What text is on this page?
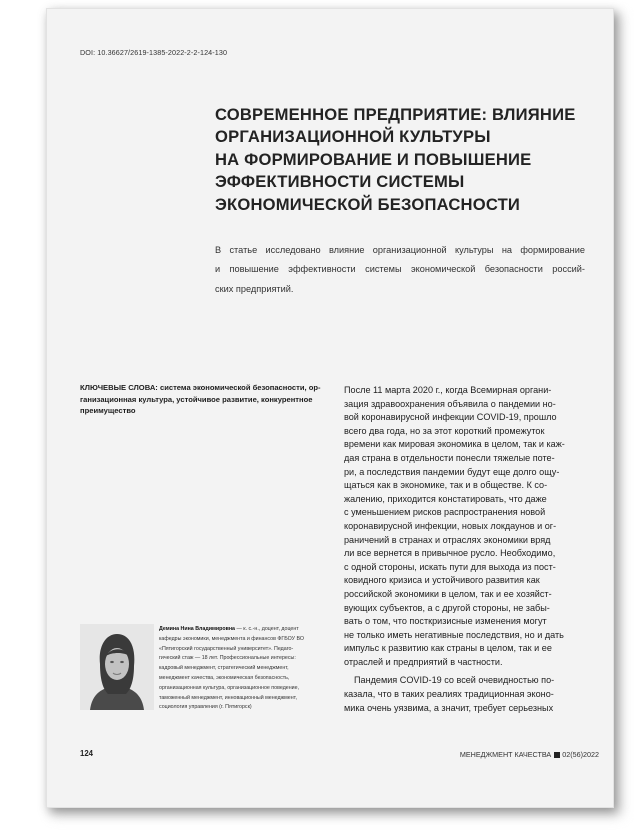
DOI: 10.36627/2619-1385-2022-2-2-124-130
СОВРЕМЕННОЕ ПРЕДПРИЯТИЕ: ВЛИЯНИЕ
ОРГАНИЗАЦИОННОЙ КУЛЬТУРЫ
НА ФОРМИРОВАНИЕ И ПОВЫШЕНИЕ
ЭФФЕКТИВНОСТИ СИСТЕМЫ
ЭКОНОМИЧЕСКОЙ БЕЗОПАСНОСТИ
В статье исследовано влияние организационной культуры на формирование
и повышение эффективности системы экономической безопасности россий-
ских предприятий.
КЛЮЧЕВЫЕ СЛОВА: система экономической безопасности, ор-
ганизационная культура, устойчивое развитие, конкурентное
преимущество
Демина Нина Владимировна — к. с.-н., доцент, доцент
кафедры экономики, менеджмента и финансов ФГБОУ ВО
«Пятигорский государственный университет». Педаго-
гический стаж — 18 лет. Профессиональные интересы:
кадровый менеджмент, стратегический менеджмент,
менеджмент качества, экономическая безопасность,
организационная культура, организационное поведение,
таможенный менеджмент, инновационный менеджмент,
социология управления (г. Пятигорск)
После 11 марта 2020 г., когда Всемирная органи-
зация здравоохранения объявила о пандемии но-
вой коронавирусной инфекции COVID-19, прошло
всего два года, но за этот короткий промежуток
времени как мировая экономика в целом, так и каж-
дая страна в отдельности понесли тяжелые поте-
ри, а последствия пандемии будут еще долго ощу-
щаться как в экономике, так и в обществе. К со-
жалению, приходится констатировать, что даже
с уменьшением рисков распространения новой
коронавирусной инфекции, новых локдаунов и ог-
раничений в странах и отраслях экономики вряд
ли все вернется в привычное русло. Необходимо,
с одной стороны, искать пути для выхода из пост-
ковидного кризиса и устойчивого развития как
российской экономики в целом, так и ее хозяйст-
вующих субъектов, а с другой стороны, не забы-
вать о том, что посткризисные изменения могут
не только иметь негативные последствия, но и дать
импульс к развитию как страны в целом, так и ее
отраслей и предприятий в частности.
Пандемия COVID-19 со всей очевидностью по-
казала, что в таких реалиях традиционная эконо-
мика очень уязвима, а значит, требует серьезных
124	МЕНЕДЖМЕНТ КАЧЕСТВА 02(56)2022
